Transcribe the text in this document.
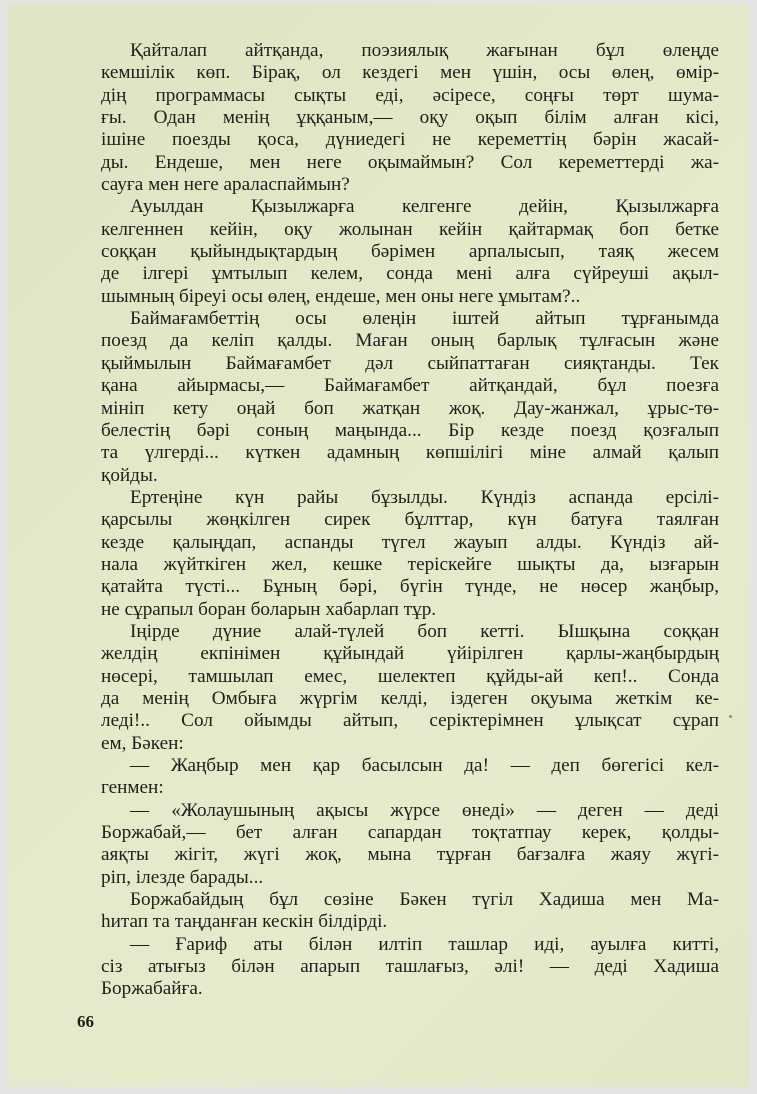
Қайталап айтқанда, поэзиялық жағынан бұл өлеңде
кемшілік көп. Бірақ, ол кездегі мен үшін, осы өлең, өмір-
дің программасы сықты еді, әсіресе, соңғы төрт шума-
ғы. Одан менің ұққаным,— оқу оқып білім алған кісі,
ішіне поезды қоса, дүниедегі не кереметтің бәрін жасай-
ды. Ендеше, мен неге оқымаймын? Сол кереметтерді жа-
сауға мен неге араласпаймын?
Ауылдан Қызылжарға келгенге дейін, Қызылжарға
келгеннен кейін, оқу жолынан кейін қайтармақ боп бетке
соққан қыйындықтардың бәрімен арпалысып, таяқ жесем
де ілгері ұмтылып келем, сонда мені алға сүйреуші ақыл-
шымның біреуі осы өлең, ендеше, мен оны неге ұмытам?..
Баймағамбеттің осы өлеңін іштей айтып тұрғанымда
поезд да келіп қалды. Маған оның барлық тұлғасын және
қыймылын Баймағамбет дәл сыйпаттаған сияқтанды. Тек
қана айырмасы,— Баймағамбет айтқандай, бұл поезға
мініп кету оңай боп жатқан жоқ. Дау-жанжал, ұрыс-тө-
белестің бәрі соның маңында... Бір кезде поезд қозғалып
та үлгерді... күткен адамның көпшілігі міне алмай қалып
қойды.
Ертеңіне күн райы бұзылды. Күндіз аспанда ерсілі-
қарсылы жөңкілген сирек бұлттар, күн батуға таялған
кезде қалыңдап, аспанды түгел жауып алды. Күндіз ай-
нала жүйткіген жел, кешке теріскейге шықты да, ызғарын
қатайта түсті... Бұның бәрі, бүгін түнде, не нөсер жаңбыр,
не сұрапыл боран боларын хабарлап тұр.
Іңірде дүние алай-түлей боп кетті. Ышқына соққан
желдің екпінімен құйындай үйірілген қарлы-жаңбырдың
нөсері, тамшылап емес, шелектеп құйды-ай кеп!.. Сонда
да менің Омбыға жүргім келді, іздеген оқуыма жеткім ке-
леді!.. Сол ойымды айтып, серіктерімнен ұлықсат сұрап
ем, Бәкен:
— Жаңбыр мен қар басылсын да! — деп бөгегісі кел-
генмен:
— «Жолаушының ақысы жүрсе өнеді» — деген — деді
Боржабай,— бет алған сапардан тоқтатпау керек, қолды-
аяқты жігіт, жүгі жоқ, мына тұрған бағзалға жаяу жүгі-
ріп, ілезде барады...
Боржабайдың бұл сөзіне Бәкен түгіл Хадиша мен Ма-
һитап та таңданған кескін білдірді.
— Ғариф аты білән илтіп ташлар иді, ауылға китті,
сіз атығыз білән апарып ташлағыз, әлі! — деді Хадиша
Боржабайға.
66
